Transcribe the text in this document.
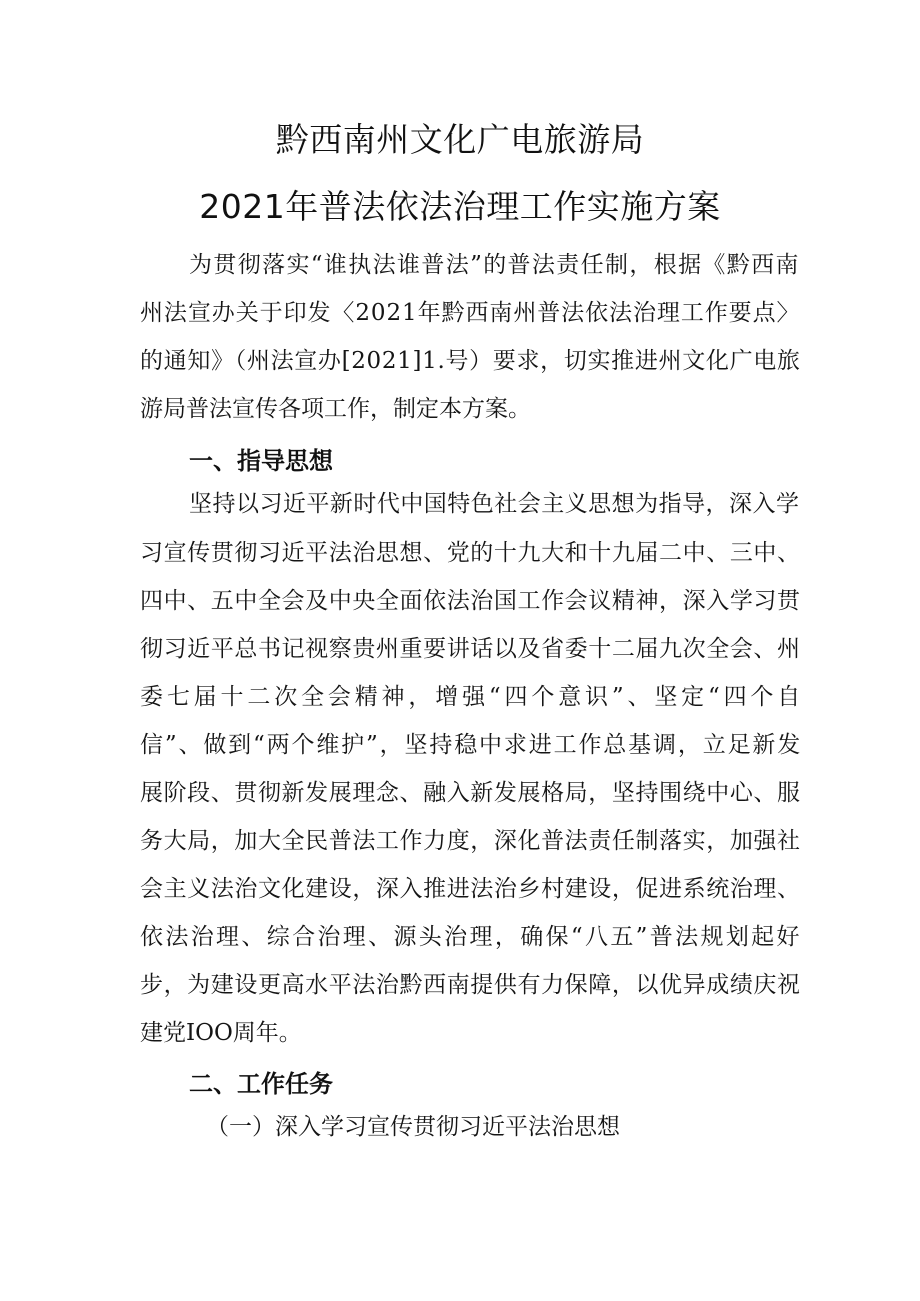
黔西南州文化广电旅游局
2021年普法依法治理工作实施方案
为贯彻落实“谁执法谁普法”的普法责任制，根据《黔西南
州法宣办关于印发〈2021年黔西南州普法依法治理工作要点〉
的通知》（州法宣办[2021]1.号）要求，切实推进州文化广电旅
游局普法宣传各项工作，制定本方案。
一、指导思想
坚持以习近平新时代中国特色社会主义思想为指导，深入学
习宣传贯彻习近平法治思想、党的十九大和十九届二中、三中、
四中、五中全会及中央全面依法治国工作会议精神，深入学习贯
彻习近平总书记视察贵州重要讲话以及省委十二届九次全会、州
委七届十二次全会精神，增强“四个意识”、坚定“四个自
信”、做到“两个维护”，坚持稳中求进工作总基调，立足新发
展阶段、贯彻新发展理念、融入新发展格局，坚持围绕中心、服
务大局，加大全民普法工作力度，深化普法责任制落实，加强社
会主义法治文化建设，深入推进法治乡村建设，促进系统治理、
依法治理、综合治理、源头治理，确保“八五”普法规划起好
步，为建设更高水平法治黔西南提供有力保障，以优异成绩庆祝
建党IOO周年。
二、工作任务
（一）深入学习宣传贯彻习近平法治思想
